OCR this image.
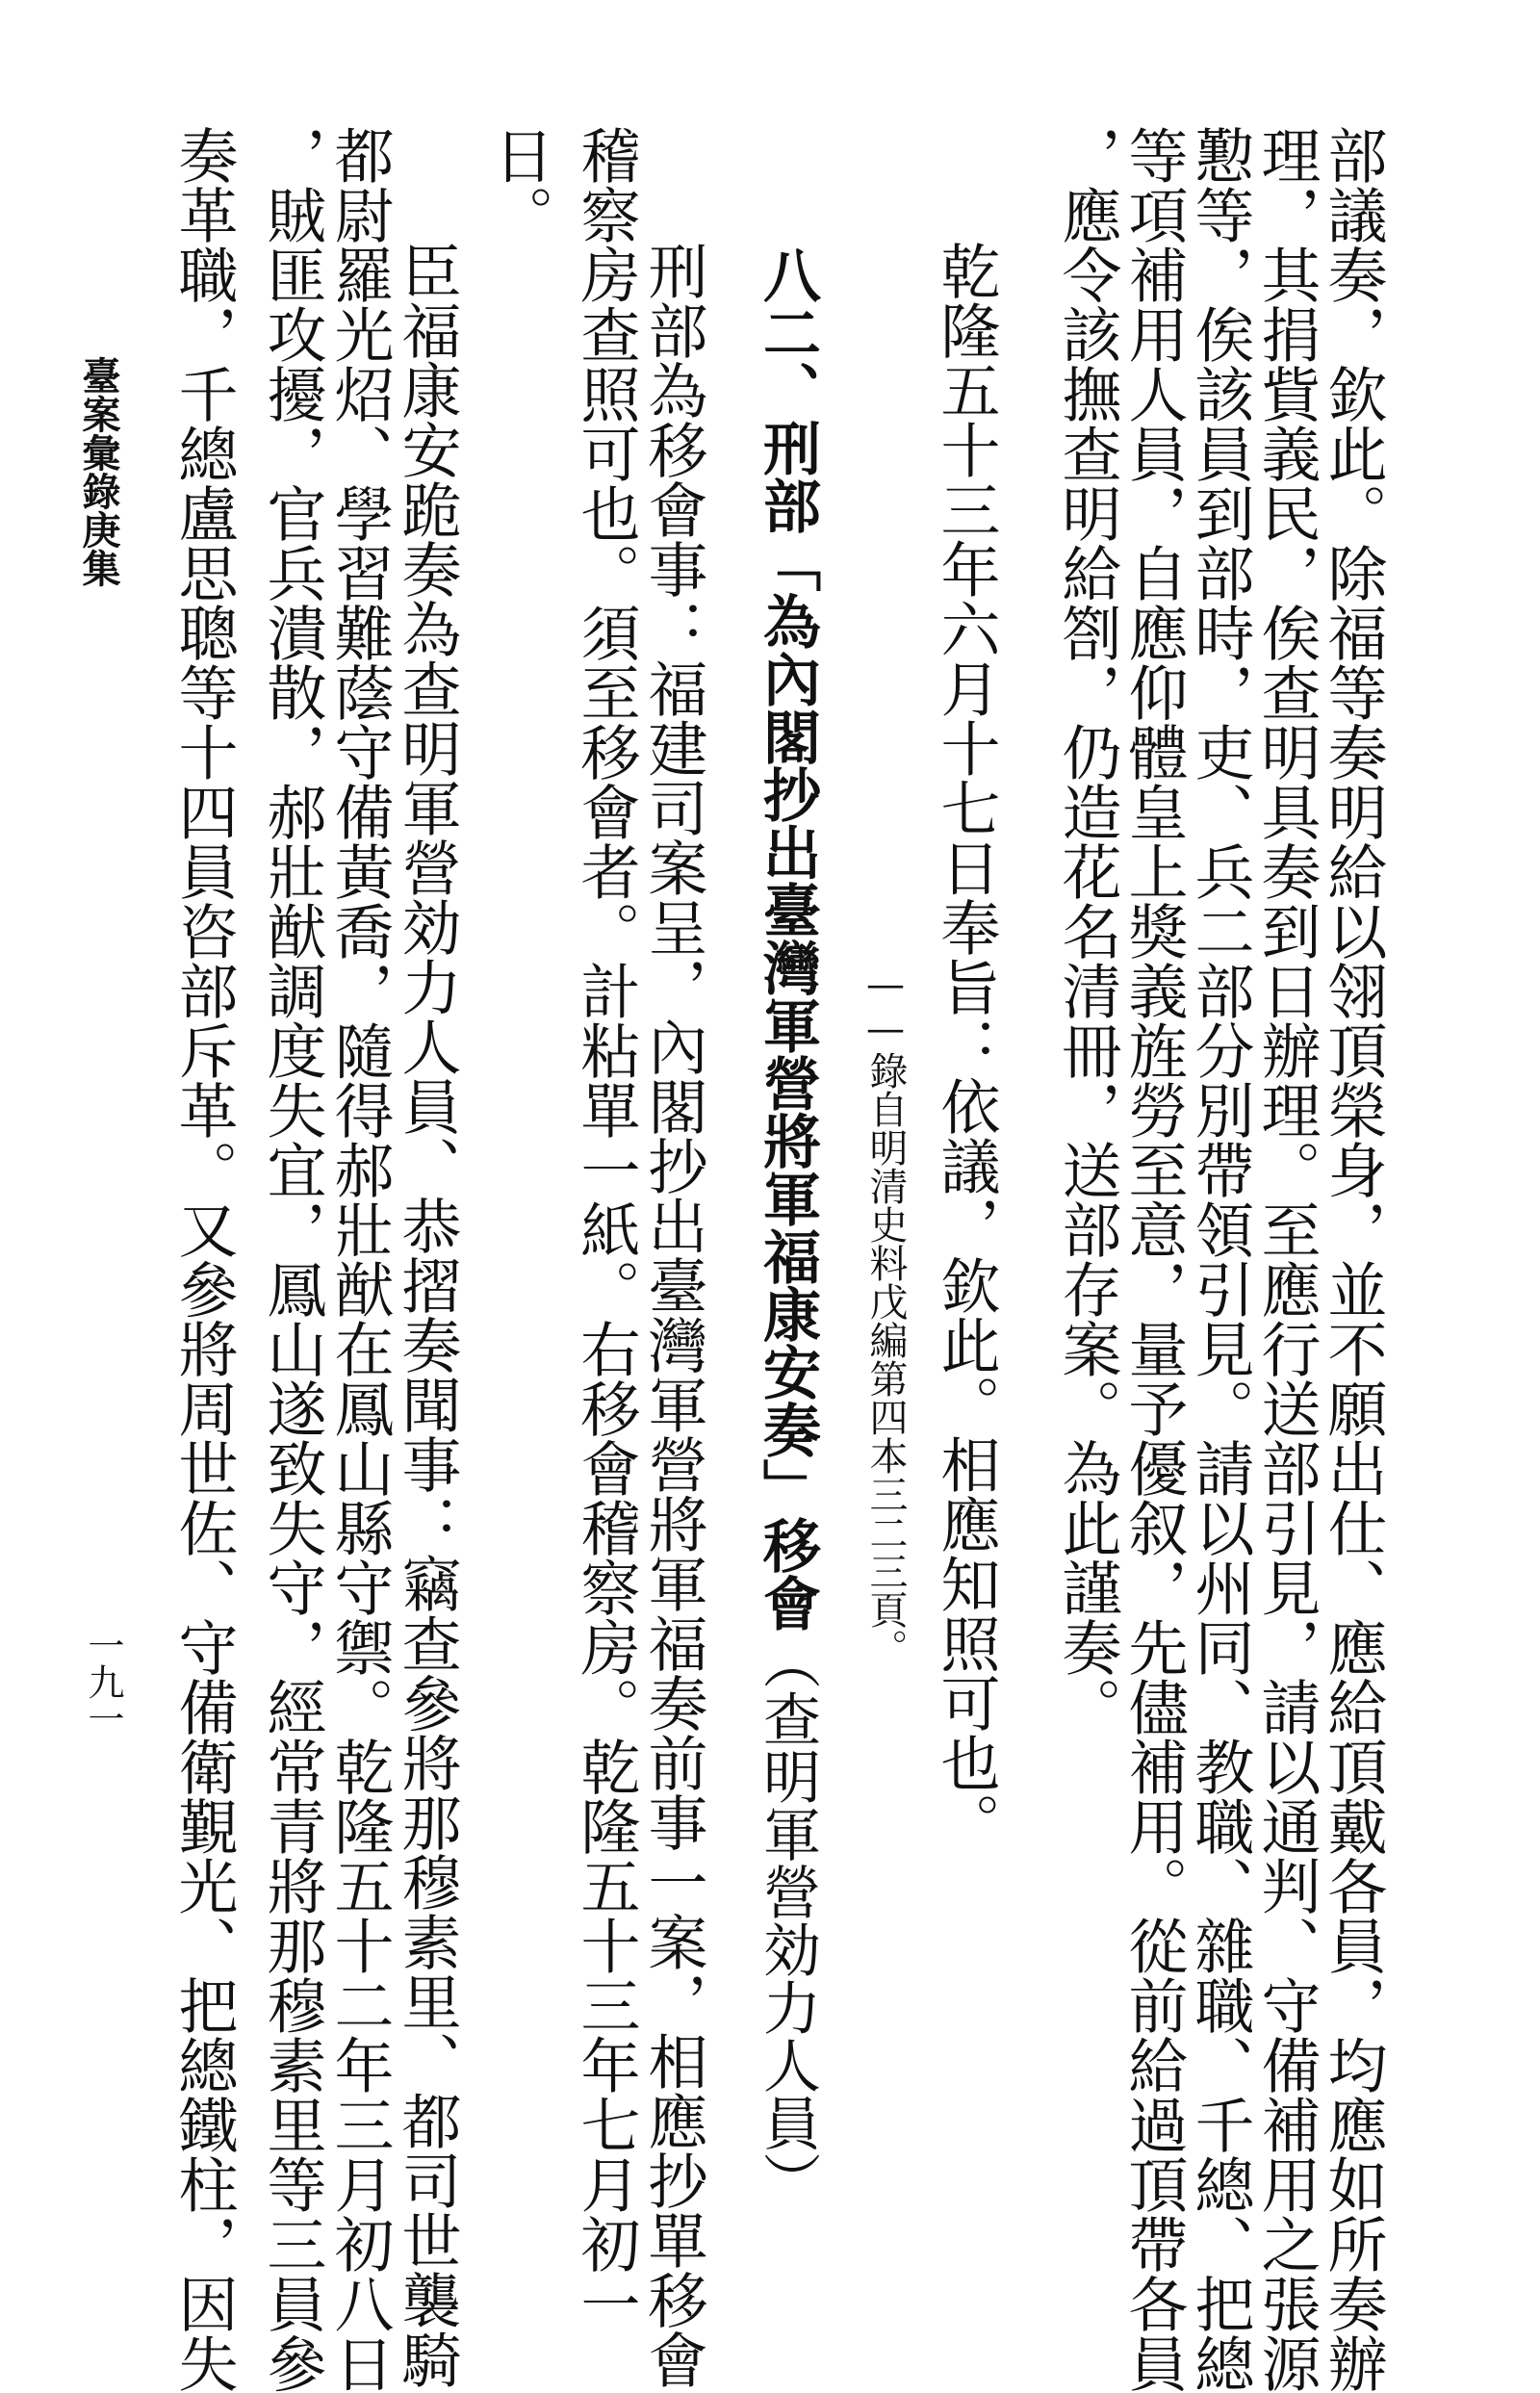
部議奏，欽此。除福等奏明給以翎頂榮身，並不願出仕、應給頂戴各員，均應如所奏辦
理，其捐貲義民，俟查明具奏到日辦理。至應行送部引見，請以通判、守備補用之張源
懃等，俟該員到部時，吏、兵二部分別帶領引見。請以州同、教職、雜職、千總、把總
等項補用人員，自應仰體皇上獎義旌勞至意，量予優叙，先儘補用。從前給過頂帶各員
，應令該撫查明給劄，仍造花名清冊，送部存案。為此謹奏。
乾隆五十三年六月十七日奉旨：依議，欽此。相應知照可也。
——錄自明清史料戊編第四本三二三頁。
八二、刑部「為內閣抄出臺灣軍營將軍福康安奏」移會（查明軍營効力人員）
刑部為移會事：福建司案呈，內閣抄出臺灣軍營將軍福奏前事一案，相應抄單移會
稽察房查照可也。須至移會者。計粘單一紙。右移會稽察房。乾隆五十三年七月初一
日。
臣福康安跪奏為查明軍營効力人員、恭摺奏聞事：竊查參將那穆素里、都司世襲騎
都尉羅光炤、學習難蔭守備黃喬，隨得郝壯猷在鳳山縣守禦。乾隆五十二年三月初八日
，賊匪攻擾，官兵潰散，郝壯猷調度失宜，鳳山遂致失守，經常青將那穆素里等三員參
奏革職，千總盧思聰等十四員咨部斥革。又參將周世佐、守備衛覲光、把總鐵柱，因失
臺案彙錄庚集
一九一
